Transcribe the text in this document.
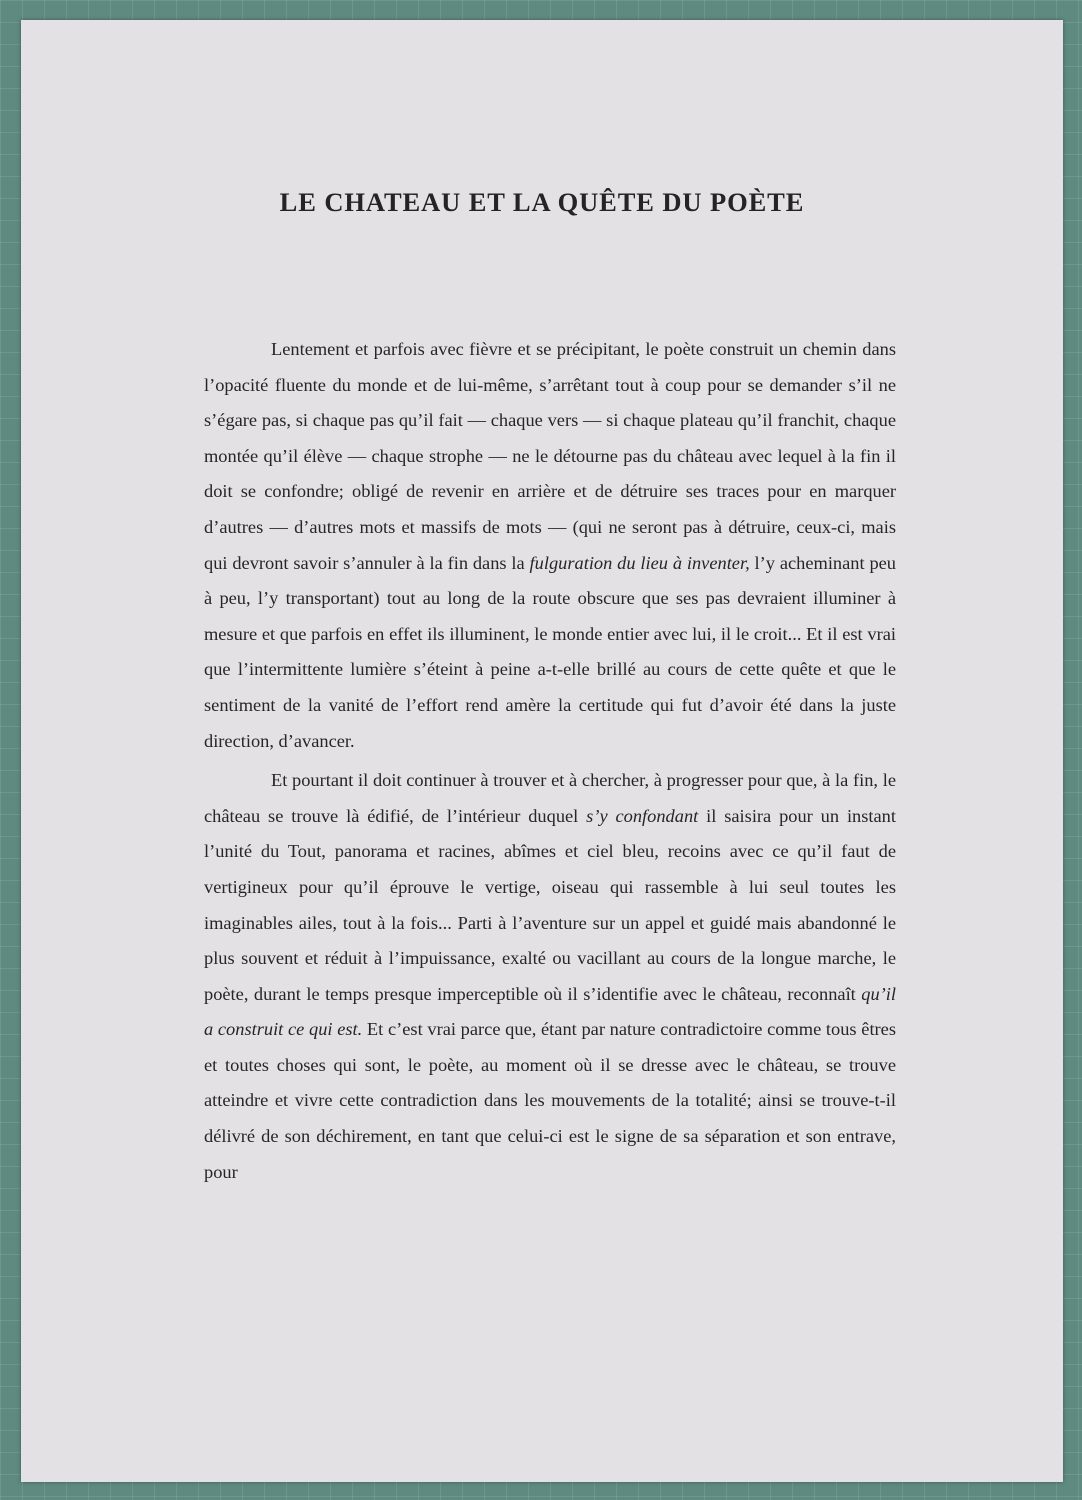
LE CHATEAU ET LA QUÊTE DU POÈTE

Lentement et parfois avec fièvre et se précipitant, le poète construit un chemin dans l’opacité fluente du monde et de lui-même, s’arrêtant tout à coup pour se demander s’il ne s’égare pas, si chaque pas qu’il fait — chaque vers — si chaque plateau qu’il franchit, chaque montée qu’il élève — chaque strophe — ne le détourne pas du château avec lequel à la fin il doit se confondre; obligé de revenir en arrière et de détruire ses traces pour en marquer d’autres — d’autres mots et massifs de mots — (qui ne seront pas à détruire, ceux-ci, mais qui devront savoir s’annuler à la fin dans la fulguration du lieu à inventer, l’y acheminant peu à peu, l’y transportant) tout au long de la route obscure que ses pas devraient illuminer à mesure et que parfois en effet ils illuminent, le monde entier avec lui, il le croit... Et il est vrai que l’intermittente lumière s’éteint à peine a-t-elle brillé au cours de cette quête et que le sentiment de la vanité de l’effort rend amère la certitude qui fut d’avoir été dans la juste direction, d’avancer.

Et pourtant il doit continuer à trouver et à chercher, à progresser pour que, à la fin, le château se trouve là édifié, de l’intérieur duquel s’y confondant il saisira pour un instant l’unité du Tout, panorama et racines, abîmes et ciel bleu, recoins avec ce qu’il faut de vertigineux pour qu’il éprouve le vertige, oiseau qui rassemble à lui seul toutes les imaginables ailes, tout à la fois... Parti à l’aventure sur un appel et guidé mais abandonné le plus souvent et réduit à l’impuissance, exalté ou vacillant au cours de la longue marche, le poète, durant le temps presque imperceptible où il s’identifie avec le château, reconnaît qu’il a construit ce qui est. Et c’est vrai parce que, étant par nature contradictoire comme tous êtres et toutes choses qui sont, le poète, au moment où il se dresse avec le château, se trouve atteindre et vivre cette contradiction dans les mouvements de la totalité; ainsi se trouve-t-il délivré de son déchirement, en tant que celui-ci est le signe de sa séparation et son entrave, pour
